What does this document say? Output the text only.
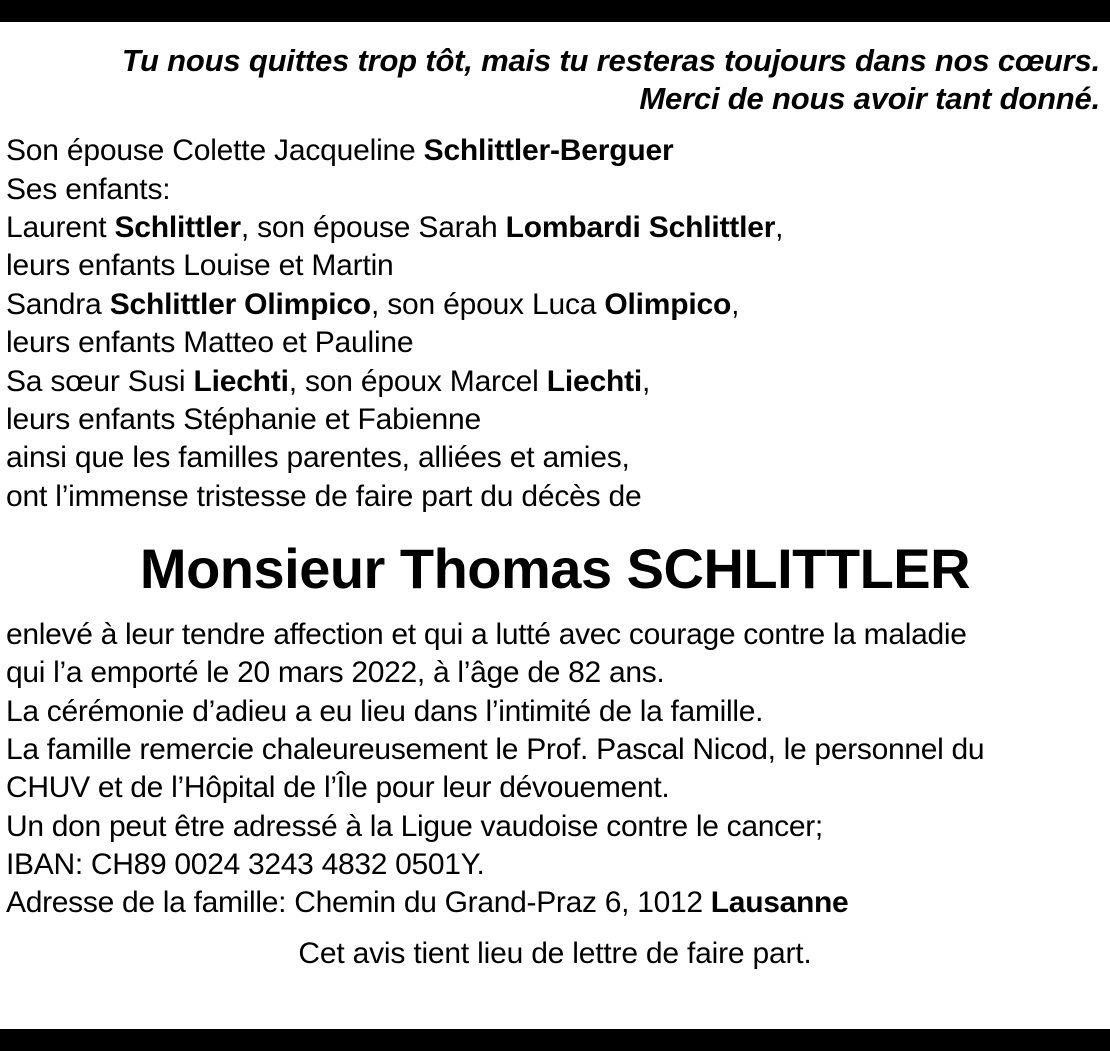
Tu nous quittes trop tôt, mais tu resteras toujours dans nos cœurs.
Merci de nous avoir tant donné.
Son épouse Colette Jacqueline Schlittler-Berguer
Ses enfants:
Laurent Schlittler, son épouse Sarah Lombardi Schlittler,
leurs enfants Louise et Martin
Sandra Schlittler Olimpico, son époux Luca Olimpico,
leurs enfants Matteo et Pauline
Sa sœur Susi Liechti, son époux Marcel Liechti,
leurs enfants Stéphanie et Fabienne
ainsi que les familles parentes, alliées et amies,
ont l’immense tristesse de faire part du décès de
Monsieur Thomas SCHLITTLER
enlevé à leur tendre affection et qui a lutté avec courage contre la maladie
qui l’a emporté le 20 mars 2022, à l’âge de 82 ans.
La cérémonie d’adieu a eu lieu dans l’intimité de la famille.
La famille remercie chaleureusement le Prof. Pascal Nicod, le personnel du
CHUV et de l’Hôpital de l’Île pour leur dévouement.
Un don peut être adressé à la Ligue vaudoise contre le cancer;
IBAN: CH89 0024 3243 4832 0501Y.
Adresse de la famille: Chemin du Grand-Praz 6, 1012 Lausanne
Cet avis tient lieu de lettre de faire part.
